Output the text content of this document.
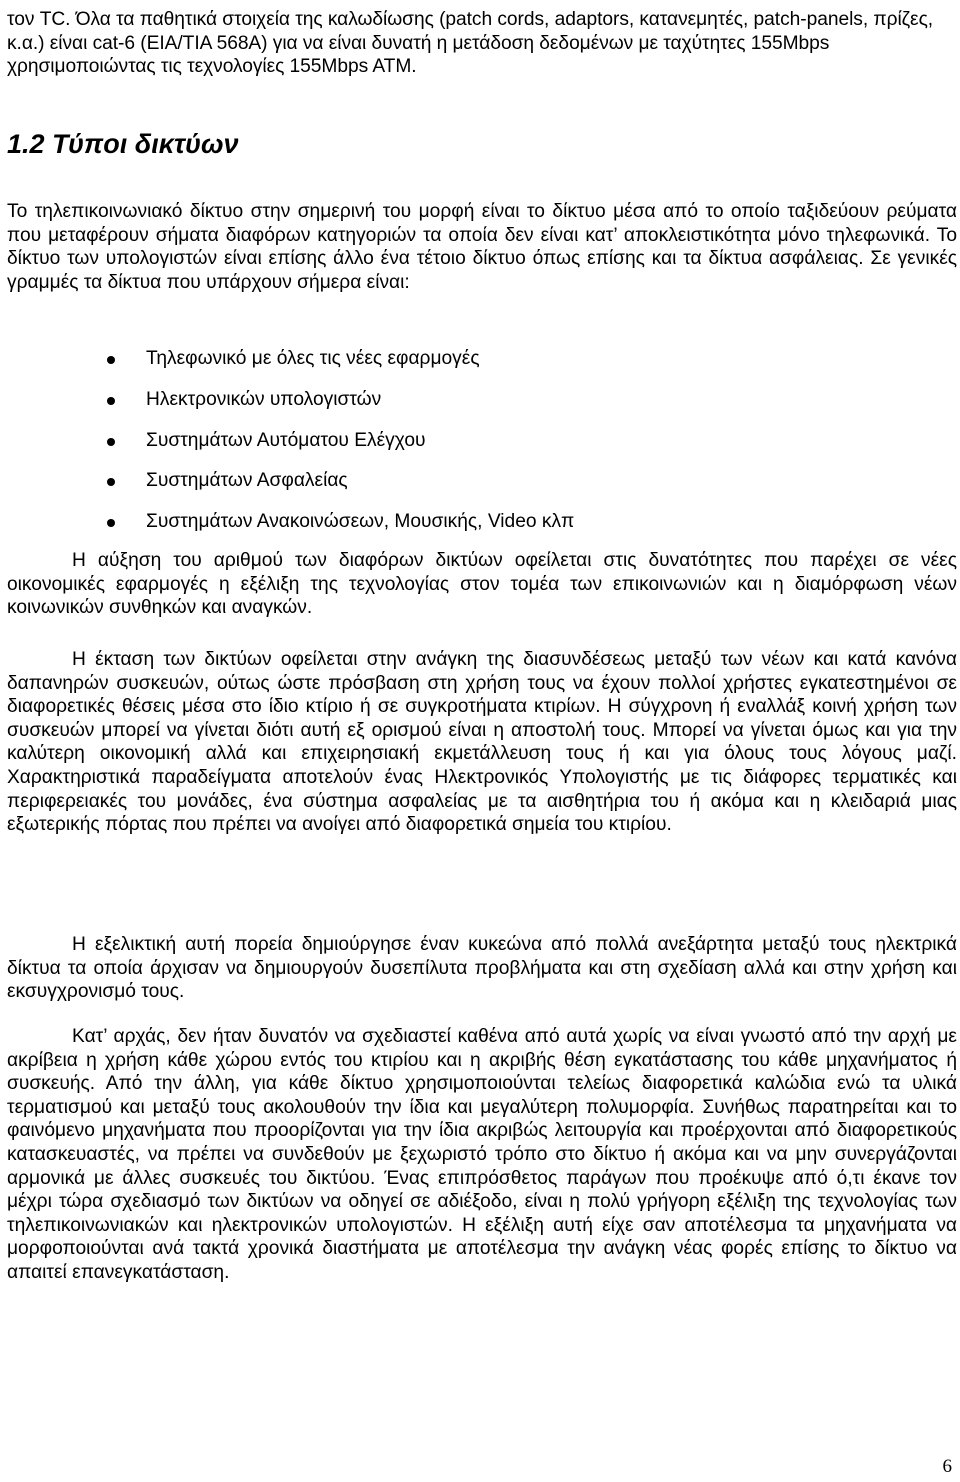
τον TC. Όλα τα παθητικά στοιχεία της καλωδίωσης (patch cords, adaptors, κατανεμητές, patch-panels, πρίζες, κ.α.) είναι cat-6 (EIA/TIA 568A) για να είναι δυνατή η μετάδοση δεδομένων με ταχύτητες 155Mbps χρησιμοποιώντας τις τεχνολογίες 155Mbps ATM.
1.2 Τύποι δικτύων
Το τηλεπικοινωνιακό δίκτυο στην σημερινή του μορφή είναι το δίκτυο μέσα από το οποίο ταξιδεύουν ρεύματα που μεταφέρουν σήματα διαφόρων κατηγοριών τα οποία δεν είναι κατ’ αποκλειστικότητα μόνο τηλεφωνικά. Το δίκτυο των υπολογιστών είναι επίσης άλλο ένα τέτοιο δίκτυο όπως επίσης και τα δίκτυα ασφάλειας. Σε γενικές γραμμές τα δίκτυα που υπάρχουν σήμερα είναι:
Τηλεφωνικό με όλες τις νέες εφαρμογές
Ηλεκτρονικών υπολογιστών
Συστημάτων Αυτόματου Ελέγχου
Συστημάτων Ασφαλείας
Συστημάτων Ανακοινώσεων, Μουσικής, Video κλπ
Η αύξηση του αριθμού των διαφόρων δικτύων οφείλεται στις δυνατότητες που παρέχει σε νέες οικονομικές εφαρμογές η εξέλιξη της τεχνολογίας στον τομέα των επικοινωνιών και η διαμόρφωση νέων κοινωνικών συνθηκών και αναγκών.
Η έκταση των δικτύων οφείλεται στην ανάγκη της διασυνδέσεως μεταξύ των νέων και κατά κανόνα δαπανηρών συσκευών, ούτως ώστε πρόσβαση στη χρήση τους να έχουν πολλοί χρήστες εγκατεστημένοι σε διαφορετικές θέσεις μέσα στο ίδιο κτίριο ή σε συγκροτήματα κτιρίων. Η σύγχρονη ή εναλλάξ κοινή χρήση των συσκευών μπορεί να γίνεται διότι αυτή εξ ορισμού είναι η αποστολή τους. Μπορεί να γίνεται όμως και για την καλύτερη οικονομική αλλά και επιχειρησιακή εκμετάλλευση τους ή και για όλους τους λόγους μαζί. Χαρακτηριστικά παραδείγματα αποτελούν ένας Ηλεκτρονικός Υπολογιστής με τις διάφορες τερματικές και περιφερειακές του μονάδες, ένα σύστημα ασφαλείας με τα αισθητήρια του ή ακόμα και η κλειδαριά μιας εξωτερικής πόρτας που πρέπει να ανοίγει από διαφορετικά σημεία του κτιρίου.
Η εξελικτική αυτή πορεία δημιούργησε έναν κυκεώνα από πολλά ανεξάρτητα μεταξύ τους ηλεκτρικά δίκτυα τα οποία άρχισαν να δημιουργούν δυσεπίλυτα προβλήματα και στη σχεδίαση αλλά και στην χρήση και εκσυγχρονισμό τους.
Κατ’ αρχάς, δεν ήταν δυνατόν να σχεδιαστεί καθένα από αυτά χωρίς να είναι γνωστό από την αρχή με ακρίβεια η χρήση κάθε χώρου εντός του κτιρίου και η ακριβής θέση εγκατάστασης του κάθε μηχανήματος ή συσκευής. Από την άλλη, για κάθε δίκτυο χρησιμοποιούνται τελείως διαφορετικά καλώδια ενώ τα υλικά τερματισμού και μεταξύ τους ακολουθούν την ίδια και μεγαλύτερη πολυμορφία. Συνήθως παρατηρείται και το φαινόμενο μηχανήματα που προορίζονται για την ίδια ακριβώς λειτουργία και προέρχονται από διαφορετικούς κατασκευαστές, να πρέπει να συνδεθούν με ξεχωριστό τρόπο στο δίκτυο ή ακόμα και να μην συνεργάζονται αρμονικά με άλλες συσκευές του δικτύου. Ένας επιπρόσθετος παράγων που προέκυψε από ό,τι έκανε τον μέχρι τώρα σχεδιασμό των δικτύων να οδηγεί σε αδιέξοδο, είναι η πολύ γρήγορη εξέλιξη της τεχνολογίας των τηλεπικοινωνιακών και ηλεκτρονικών υπολογιστών. Η εξέλιξη αυτή είχε σαν αποτέλεσμα τα μηχανήματα να μορφοποιούνται ανά τακτά χρονικά διαστήματα με αποτέλεσμα την ανάγκη νέας φορές επίσης το δίκτυο να απαιτεί επανεγκατάσταση.
6
